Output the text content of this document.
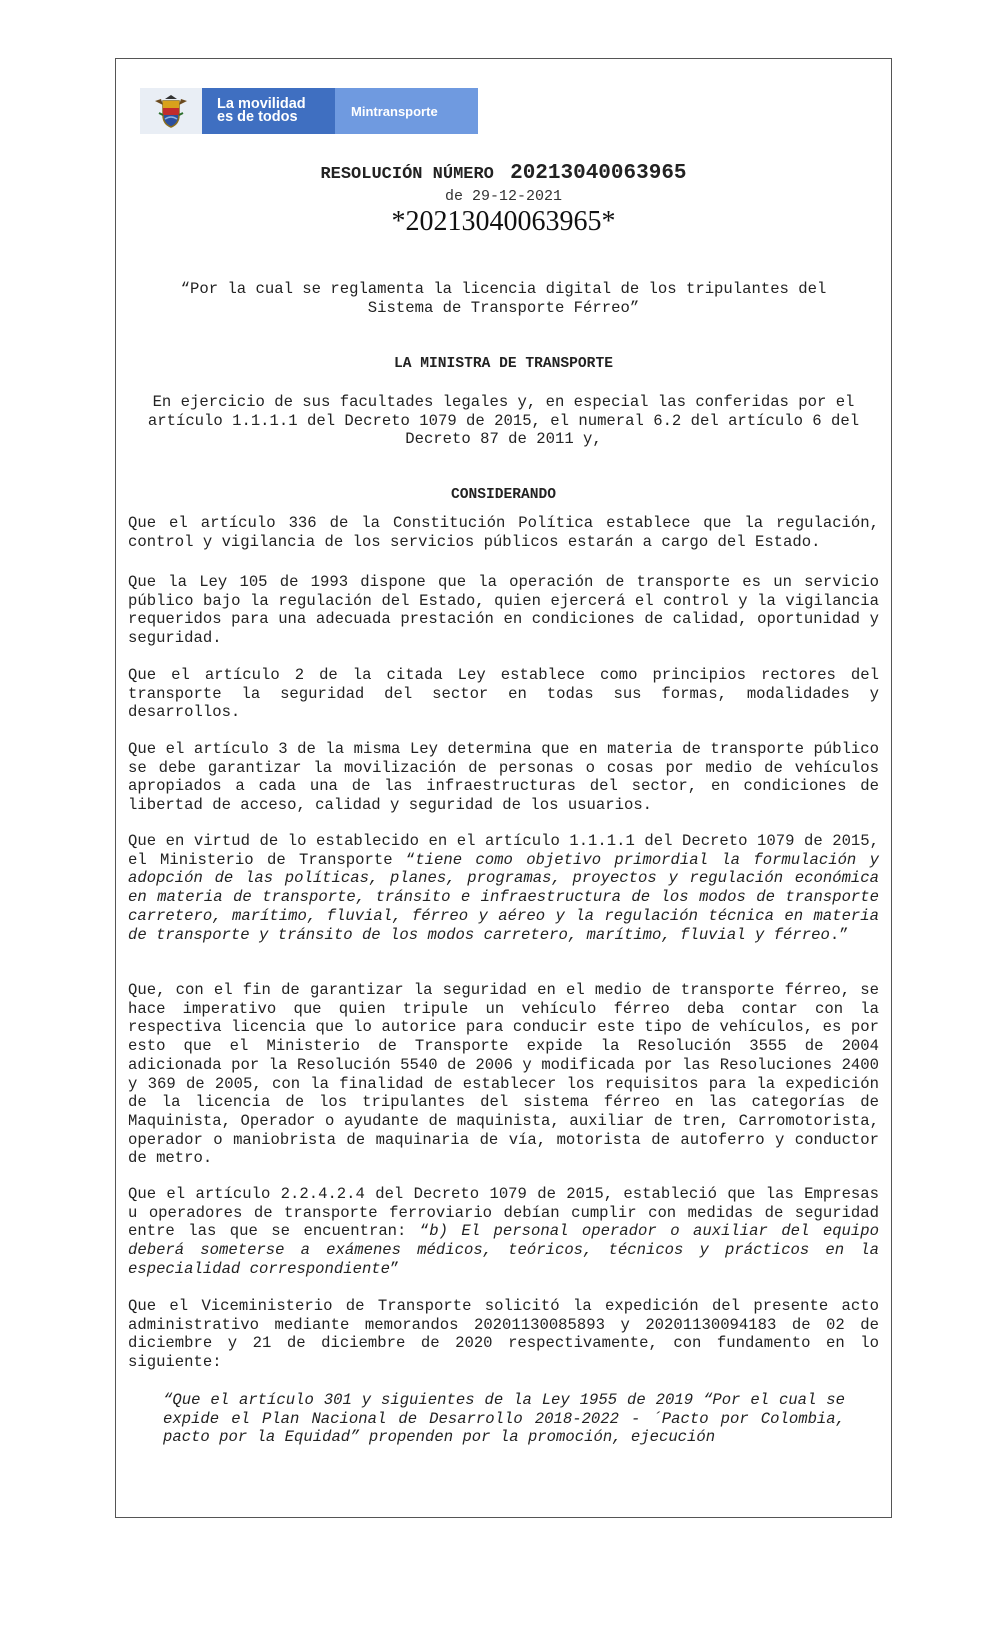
La movilidad
es de todos	Mintransporte
RESOLUCIÓN NÚMERO 20213040063965
de 29-12-2021
*20213040063965*
“Por la cual se reglamenta la licencia digital de los tripulantes del Sistema de Transporte Férreo”
LA MINISTRA DE TRANSPORTE
En ejercicio de sus facultades legales y, en especial las conferidas por el artículo 1.1.1.1 del Decreto 1079 de 2015, el numeral 6.2 del artículo 6 del Decreto 87 de 2011 y,
CONSIDERANDO

Que el artículo 336 de la Constitución Política establece que la regulación, control y vigilancia de los servicios públicos estarán a cargo del Estado.

Que la Ley 105 de 1993 dispone que la operación de transporte es un servicio público bajo la regulación del Estado, quien ejercerá el control y la vigilancia requeridos para una adecuada prestación en condiciones de calidad, oportunidad y seguridad.

Que el artículo 2 de la citada Ley establece como principios rectores del transporte la seguridad del sector en todas sus formas, modalidades y desarrollos.

Que el artículo 3 de la misma Ley determina que en materia de transporte público se debe garantizar la movilización de personas o cosas por medio de vehículos apropiados a cada una de las infraestructuras del sector, en condiciones de libertad de acceso, calidad y seguridad de los usuarios.

Que en virtud de lo establecido en el artículo 1.1.1.1 del Decreto 1079 de 2015, el Ministerio de Transporte “tiene como objetivo primordial la formulación y adopción de las políticas, planes, programas, proyectos y regulación económica en materia de transporte, tránsito e infraestructura de los modos de transporte carretero, marítimo, fluvial, férreo y aéreo y la regulación técnica en materia de transporte y tránsito de los modos carretero, marítimo, fluvial y férreo.”

Que, con el fin de garantizar la seguridad en el medio de transporte férreo, se hace imperativo que quien tripule un vehículo férreo deba contar con la respectiva licencia que lo autorice para conducir este tipo de vehículos, es por esto que el Ministerio de Transporte expide la Resolución 3555 de 2004 adicionada por la Resolución 5540 de 2006 y modificada por las Resoluciones 2400 y 369 de 2005, con la finalidad de establecer los requisitos para la expedición de la licencia de los tripulantes del sistema férreo en las categorías de Maquinista, Operador o ayudante de maquinista, auxiliar de tren, Carromotorista, operador o maniobrista de maquinaria de vía, motorista de autoferro y conductor de metro.

Que el artículo 2.2.4.2.4 del Decreto 1079 de 2015, estableció que las Empresas u operadores de transporte ferroviario debían cumplir con medidas de seguridad entre las que se encuentran: “b) El personal operador o auxiliar del equipo deberá someterse a exámenes médicos, teóricos, técnicos y prácticos en la especialidad correspondiente”

Que el Viceministerio de Transporte solicitó la expedición del presente acto administrativo mediante memorandos 20201130085893 y 20201130094183 de 02 de diciembre y 21 de diciembre de 2020 respectivamente, con fundamento en lo siguiente:

“Que el artículo 301 y siguientes de la Ley 1955 de 2019 “Por el cual se expide el Plan Nacional de Desarrollo 2018-2022 - ´Pacto por Colombia, pacto por la Equidad” propenden por la promoción, ejecución
